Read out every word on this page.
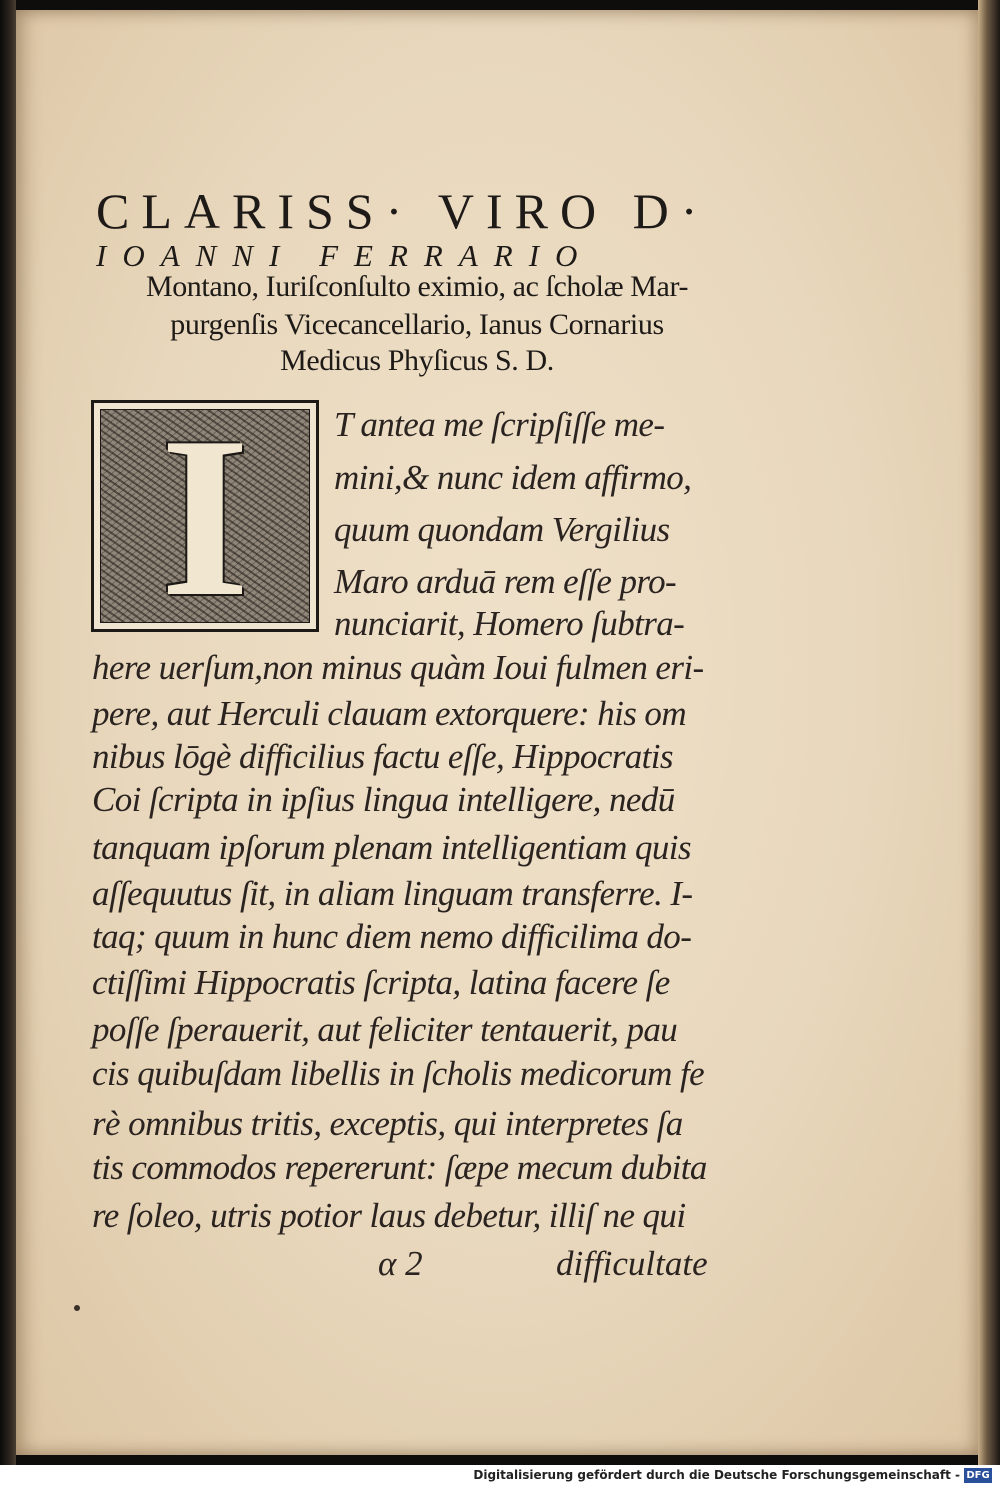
CLARISS· VIRO D·
IOANNI FERRARIO
Montano, Iuriſconſulto eximio, ac ſcholæ Mar-
purgenſis Vicecancellario, Ianus Cornarius
Medicus Phyſicus S. D.
I	T antea me ſcripſiſſe me-
mini,& nunc idem affirmo,
quum quondam Vergilius
Maro arduā rem eſſe pro-
nunciarit, Homero ſubtra-
here uerſum,non minus quàm Ioui fulmen eri-
pere, aut Herculi clauam extorquere: his om
nibus lōgè difficilius factu eſſe, Hippocratis
Coi ſcripta in ipſius lingua intelligere, nedū
tanquam ipſorum plenam intelligentiam quis
aſſequutus ſit, in aliam linguam transferre. I-
taq; quum in hunc diem nemo difficilima do-
ctiſſimi Hippocratis ſcripta, latina facere ſe
poſſe ſperauerit, aut feliciter tentauerit, pau
cis quibuſdam libellis in ſcholis medicorum fe
rè omnibus tritis, exceptis, qui interpretes ſa
tis commodos repererunt: ſæpe mecum dubita
re ſoleo, utris potior laus debetur, illiſ ne qui
α 2	difficultate
Digitalisierung gefördert durch die Deutsche Forschungsgemeinschaft - DFG
